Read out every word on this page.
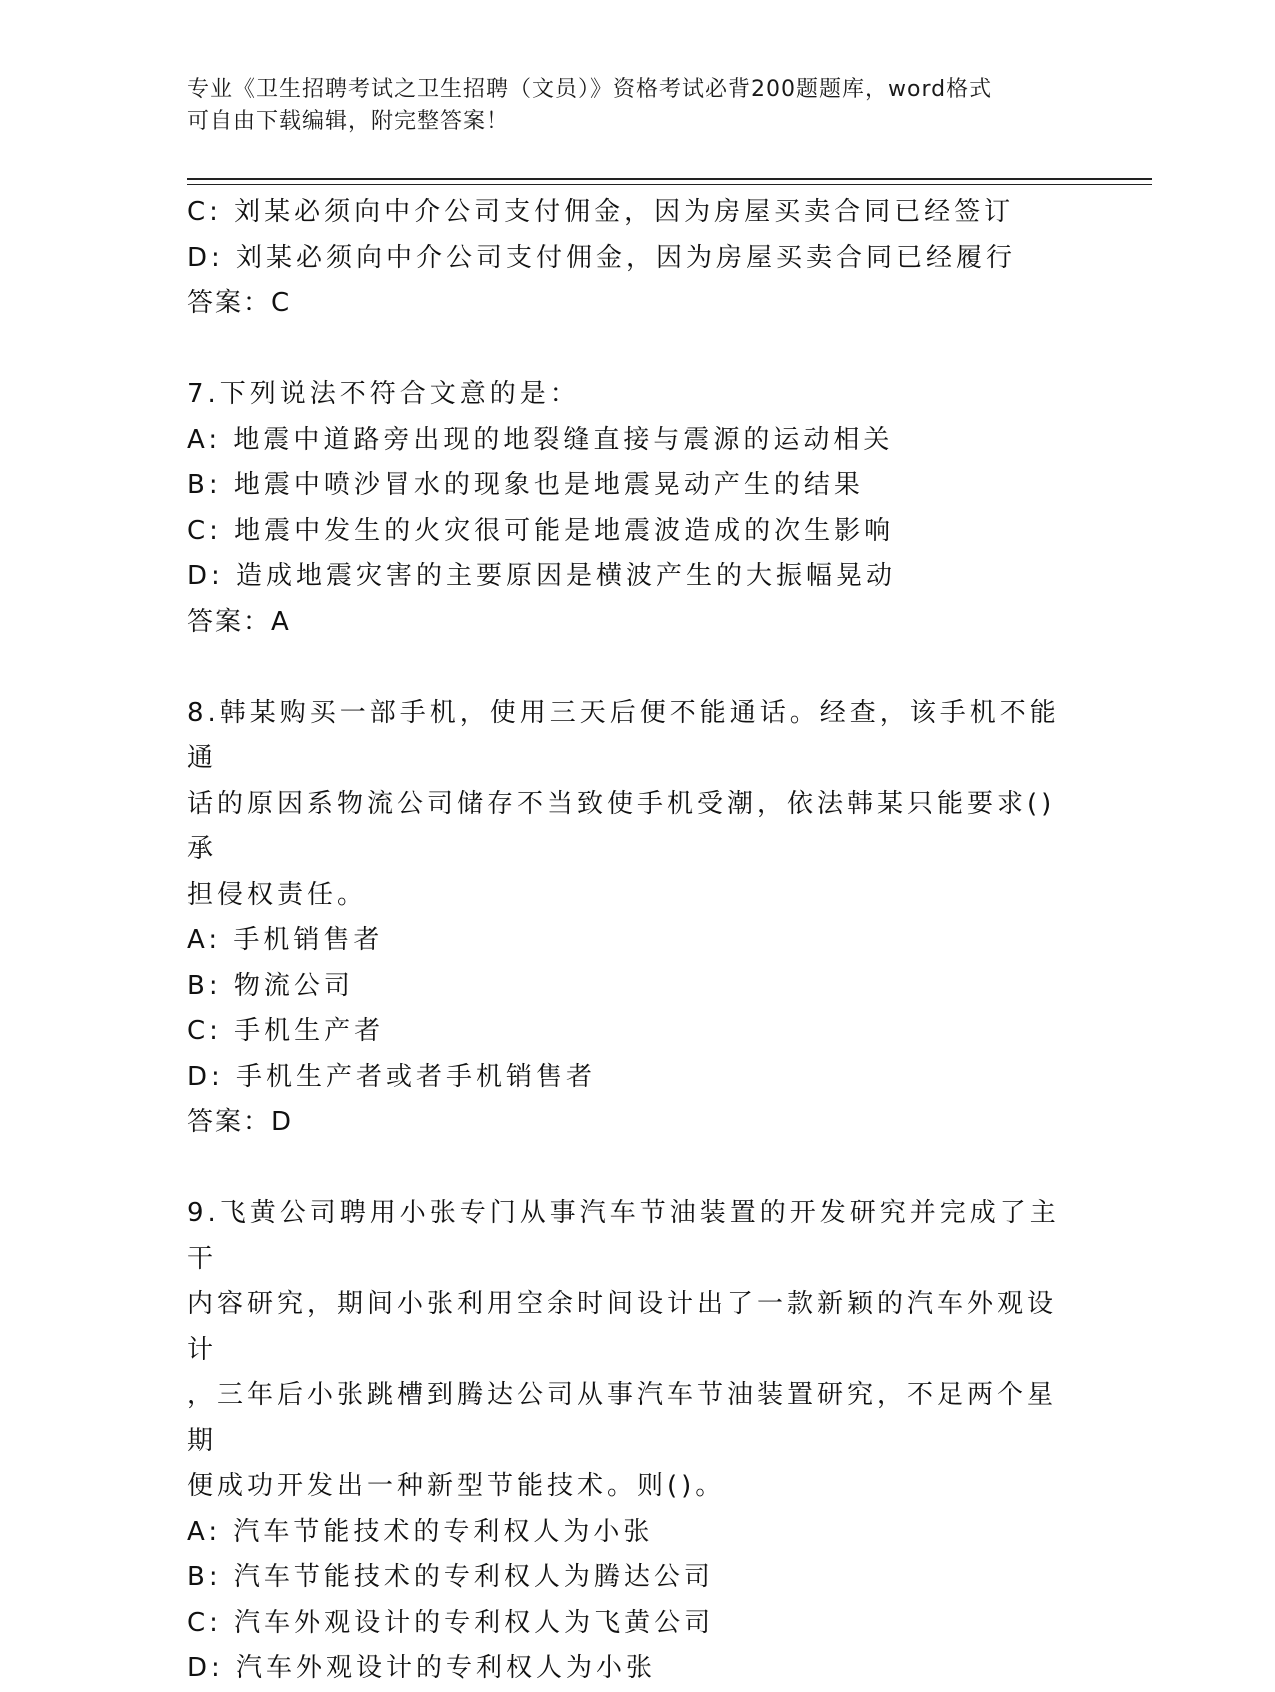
专业《卫生招聘考试之卫生招聘（文员）》资格考试必背200题题库，word格式
可自由下载编辑，附完整答案！
C: 刘某必须向中介公司支付佣金，因为房屋买卖合同已经签订
D: 刘某必须向中介公司支付佣金，因为房屋买卖合同已经履行
答案：C
7.下列说法不符合文意的是：
A: 地震中道路旁出现的地裂缝直接与震源的运动相关
B: 地震中喷沙冒水的现象也是地震晃动产生的结果
C: 地震中发生的火灾很可能是地震波造成的次生影响
D: 造成地震灾害的主要原因是横波产生的大振幅晃动
答案：A
8.韩某购买一部手机，使用三天后便不能通话。经查，该手机不能通
话的原因系物流公司储存不当致使手机受潮，依法韩某只能要求()承
担侵权责任。
A: 手机销售者
B: 物流公司
C: 手机生产者
D: 手机生产者或者手机销售者
答案：D
9.飞黄公司聘用小张专门从事汽车节油装置的开发研究并完成了主干
内容研究，期间小张利用空余时间设计出了一款新颖的汽车外观设计
，三年后小张跳槽到腾达公司从事汽车节油装置研究，不足两个星期
便成功开发出一种新型节能技术。则()。
A: 汽车节能技术的专利权人为小张
B: 汽车节能技术的专利权人为腾达公司
C: 汽车外观设计的专利权人为飞黄公司
D: 汽车外观设计的专利权人为小张
